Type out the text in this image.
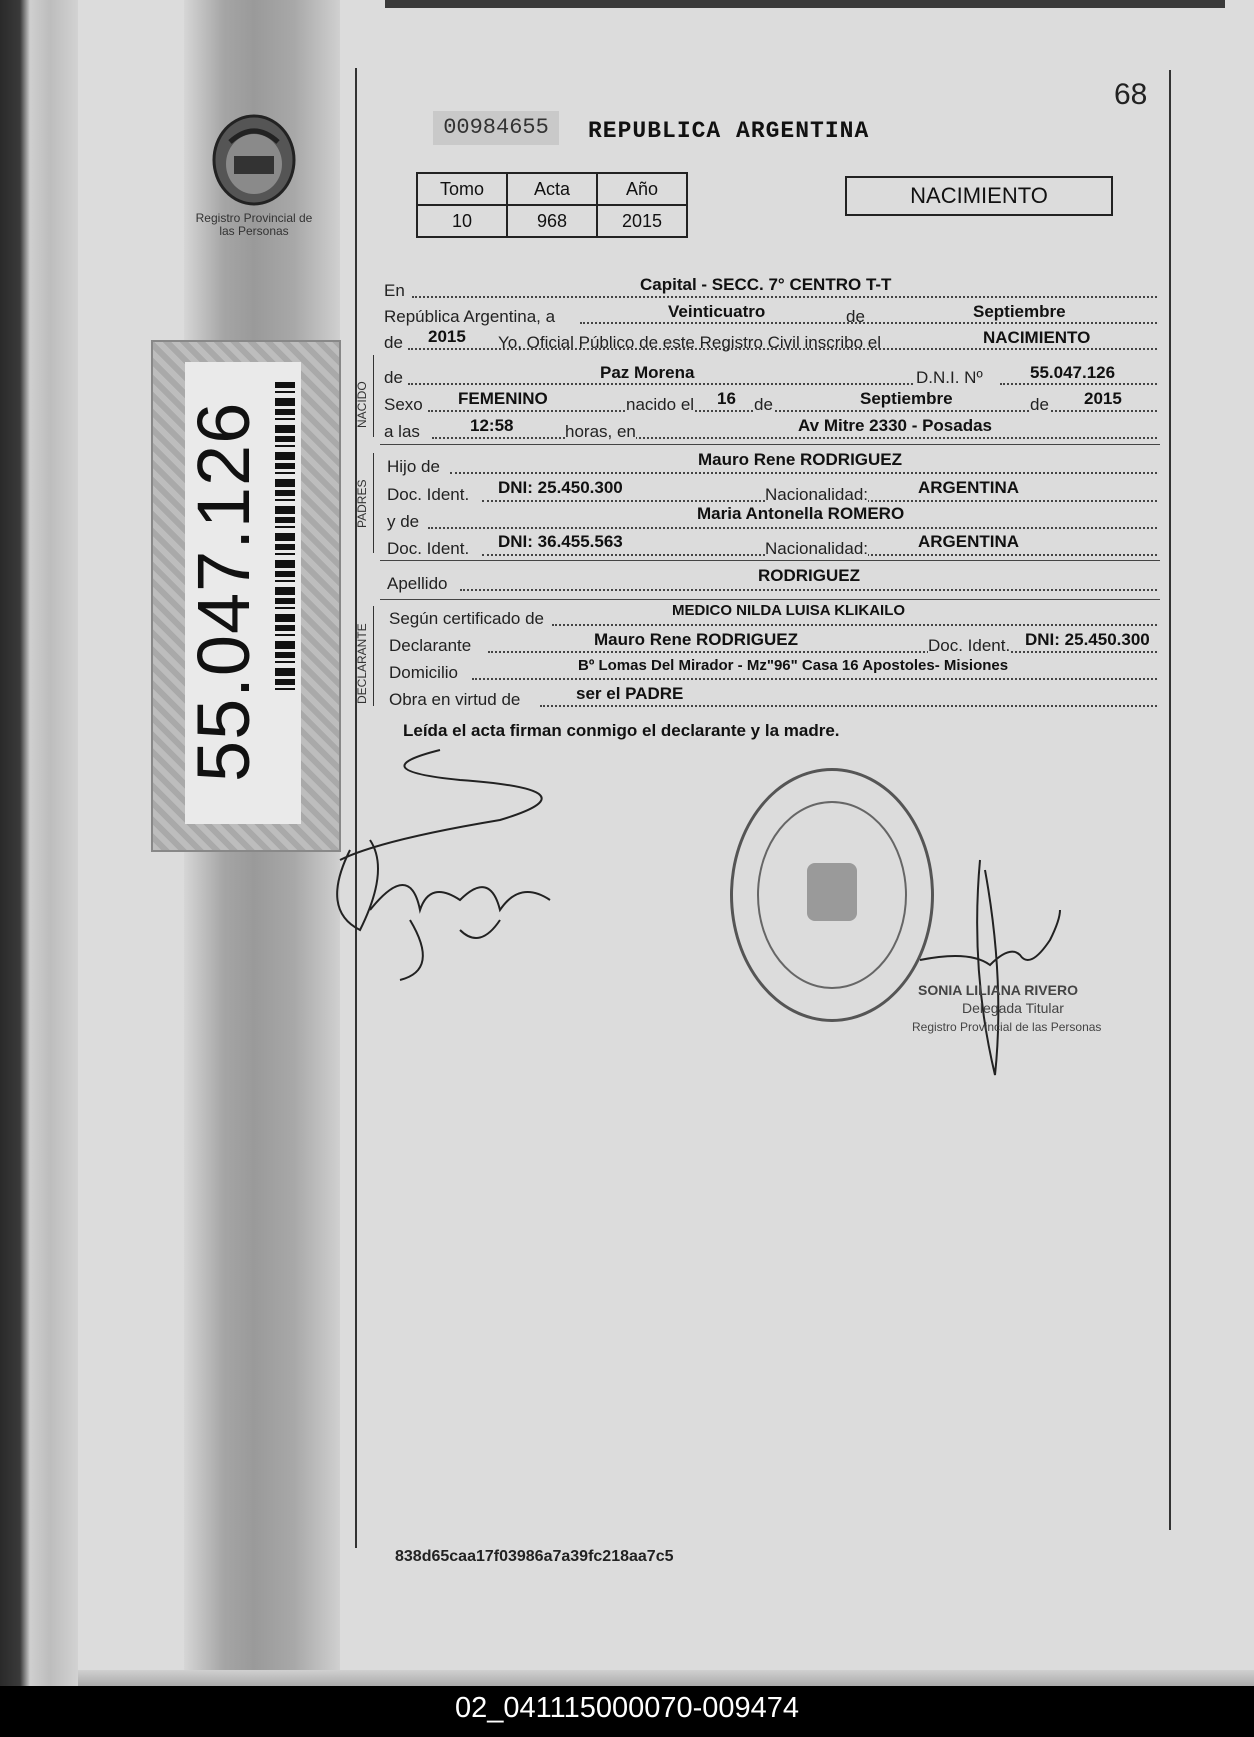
Registro Provincial de las Personas
55.047.126	NACIDO
PADRES
DECLARANTE
00984655	REPUBLICA ARGENTINA
68
Tomo	Acta	Año
10	968	2015
NACIMIENTO
En	Capital - SECC. 7° CENTRO T-T
República Argentina, a	Veinticuatro	de	Septiembre
de 2015 Yo, Oficial Público de este Registro Civil inscribo el	NACIMIENTO
de	Paz Morena	D.N.I. Nº	55.047.126
Sexo FEMENINO	nacido el 16 de	Septiembre	de 2015
a las	12:58	horas, en	Av Mitre 2330 - Posadas
Hijo de	Mauro Rene RODRIGUEZ
Doc. Ident. DNI: 25.450.300	Nacionalidad:	ARGENTINA
y de	Maria Antonella ROMERO
Doc. Ident. DNI: 36.455.563	Nacionalidad:	ARGENTINA
Apellido	RODRIGUEZ
Según certificado de	MEDICO NILDA LUISA KLIKAILO
Declarante	Mauro Rene RODRIGUEZ	Doc. Ident. DNI: 25.450.300
Domicilio	Bº Lomas Del Mirador - Mz"96" Casa 16 Apostoles- Misiones
Obra en virtud de	ser el PADRE
Leída el acta firman conmigo el declarante y la madre.
SONIA LILIANA RIVERO
Delegada Titular
Registro Provincial de las Personas
838d65caa17f03986a7a39fc218aa7c5
02_041115000070-009474
